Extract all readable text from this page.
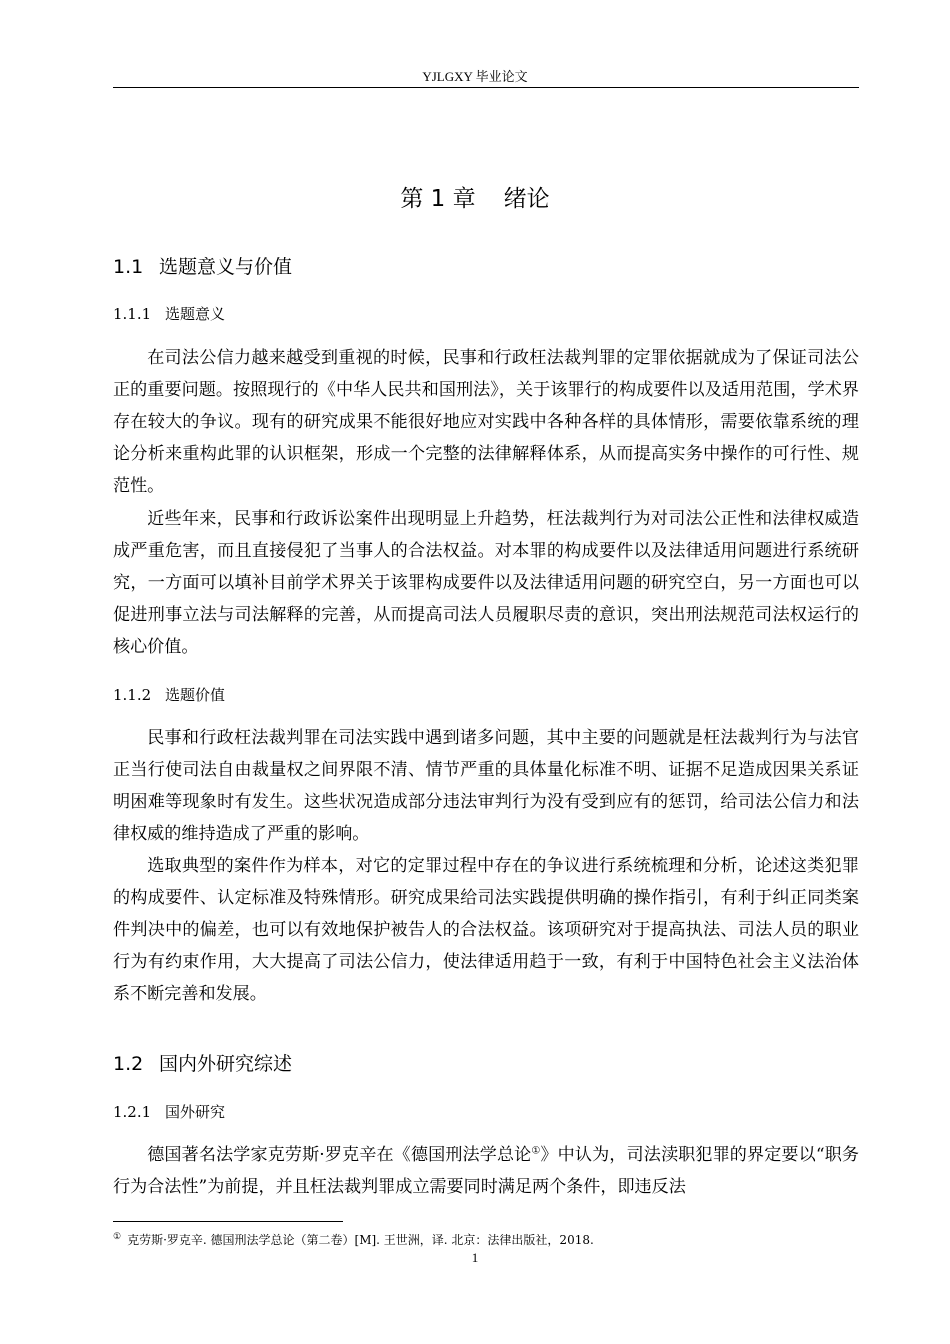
YJLGXY 毕业论文
第 1 章 绪论
1.1 选题意义与价值
1.1.1 选题意义

在司法公信力越来越受到重视的时候，民事和行政枉法裁判罪的定罪依据就成为了保证司法公正的重要问题。按照现行的《中华人民共和国刑法》，关于该罪行的构成要件以及适用范围，学术界存在较大的争议。现有的研究成果不能很好地应对实践中各种各样的具体情形，需要依靠系统的理论分析来重构此罪的认识框架，形成一个完整的法律解释体系，从而提高实务中操作的可行性、规范性。

近些年来，民事和行政诉讼案件出现明显上升趋势，枉法裁判行为对司法公正性和法律权威造成严重危害，而且直接侵犯了当事人的合法权益。对本罪的构成要件以及法律适用问题进行系统研究，一方面可以填补目前学术界关于该罪构成要件以及法律适用问题的研究空白，另一方面也可以促进刑事立法与司法解释的完善，从而提高司法人员履职尽责的意识，突出刑法规范司法权运行的核心价值。

1.1.2 选题价值

民事和行政枉法裁判罪在司法实践中遇到诸多问题，其中主要的问题就是枉法裁判行为与法官正当行使司法自由裁量权之间界限不清、情节严重的具体量化标准不明、证据不足造成因果关系证明困难等现象时有发生。这些状况造成部分违法审判行为没有受到应有的惩罚，给司法公信力和法律权威的维持造成了严重的影响。

选取典型的案件作为样本，对它的定罪过程中存在的争议进行系统梳理和分析，论述这类犯罪的构成要件、认定标准及特殊情形。研究成果给司法实践提供明确的操作指引，有利于纠正同类案件判决中的偏差，也可以有效地保护被告人的合法权益。该项研究对于提高执法、司法人员的职业行为有约束作用，大大提高了司法公信力，使法律适用趋于一致，有利于中国特色社会主义法治体系不断完善和发展。

1.2 国内外研究综述
1.2.1 国外研究

德国著名法学家克劳斯·罗克辛在《德国刑法学总论①》中认为，司法渎职犯罪的界定要以“职务行为合法性”为前提，并且枉法裁判罪成立需要同时满足两个条件，即违反法

① 克劳斯·罗克辛. 德国刑法学总论（第二卷）[M]. 王世洲，译. 北京：法律出版社，2018.
1
